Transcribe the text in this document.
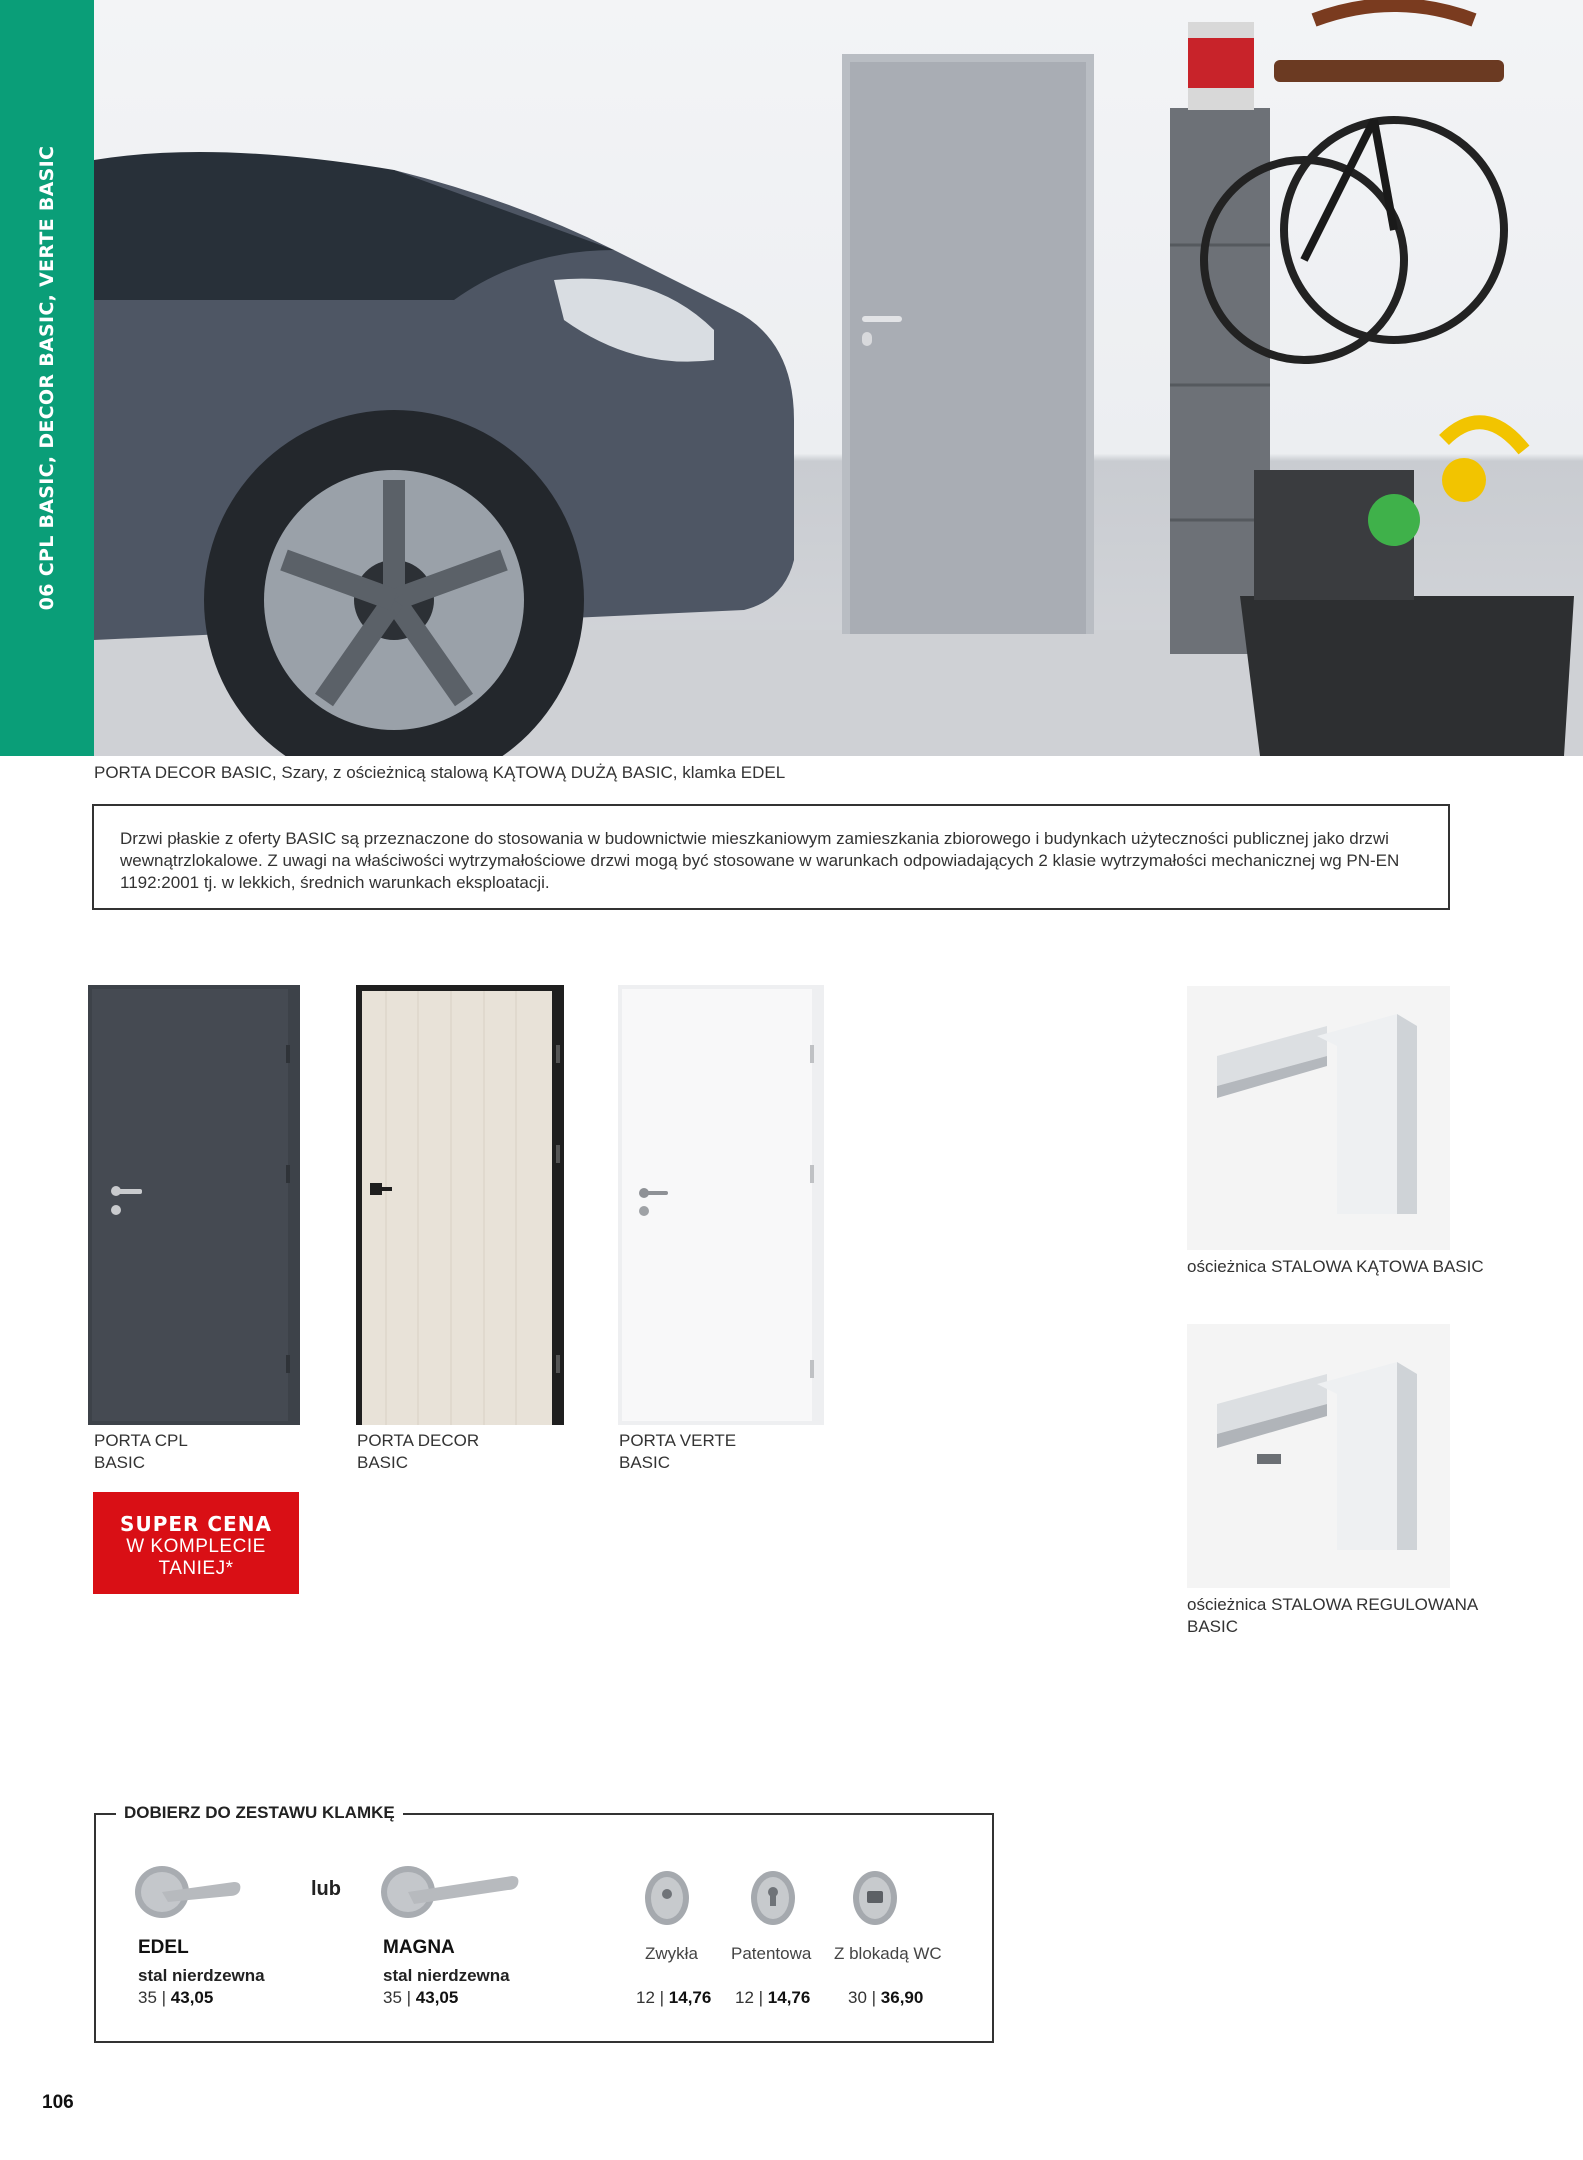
06 CPL BASIC, DECOR BASIC, VERTE BASIC
PORTA DECOR BASIC, Szary, z ościeżnicą stalową KĄTOWĄ DUŻĄ BASIC, klamka EDEL

Drzwi płaskie z oferty BASIC są przeznaczone do stosowania w budownictwie mieszkaniowym zamieszkania zbiorowego i budynkach użyteczności publicznej jako drzwi wewnątrzlokalowe. Z uwagi na właściwości wytrzymałościowe drzwi mogą być stosowane w warunkach odpowiadających 2 klasie wytrzymałości mechanicznej wg PN-EN 1192:2001 tj. w lekkich, średnich warunkach eksploatacji.

PORTA CPL
BASIC
PORTA DECOR
BASIC
PORTA VERTE
BASIC
SUPER CENA
W KOMPLECIE
TANIEJ*
ościeżnica STALOWA KĄTOWA BASIC
ościeżnica STALOWA REGULOWANA
BASIC
DOBIERZ DO ZESTAWU KLAMKĘ
lub
EDEL
stal nierdzewna
35 | 43,05
MAGNA
stal nierdzewna
35 | 43,05
Zwykła Patentowa Z blokadą WC
12 | 14,76 12 | 14,76 30 | 36,90
106
